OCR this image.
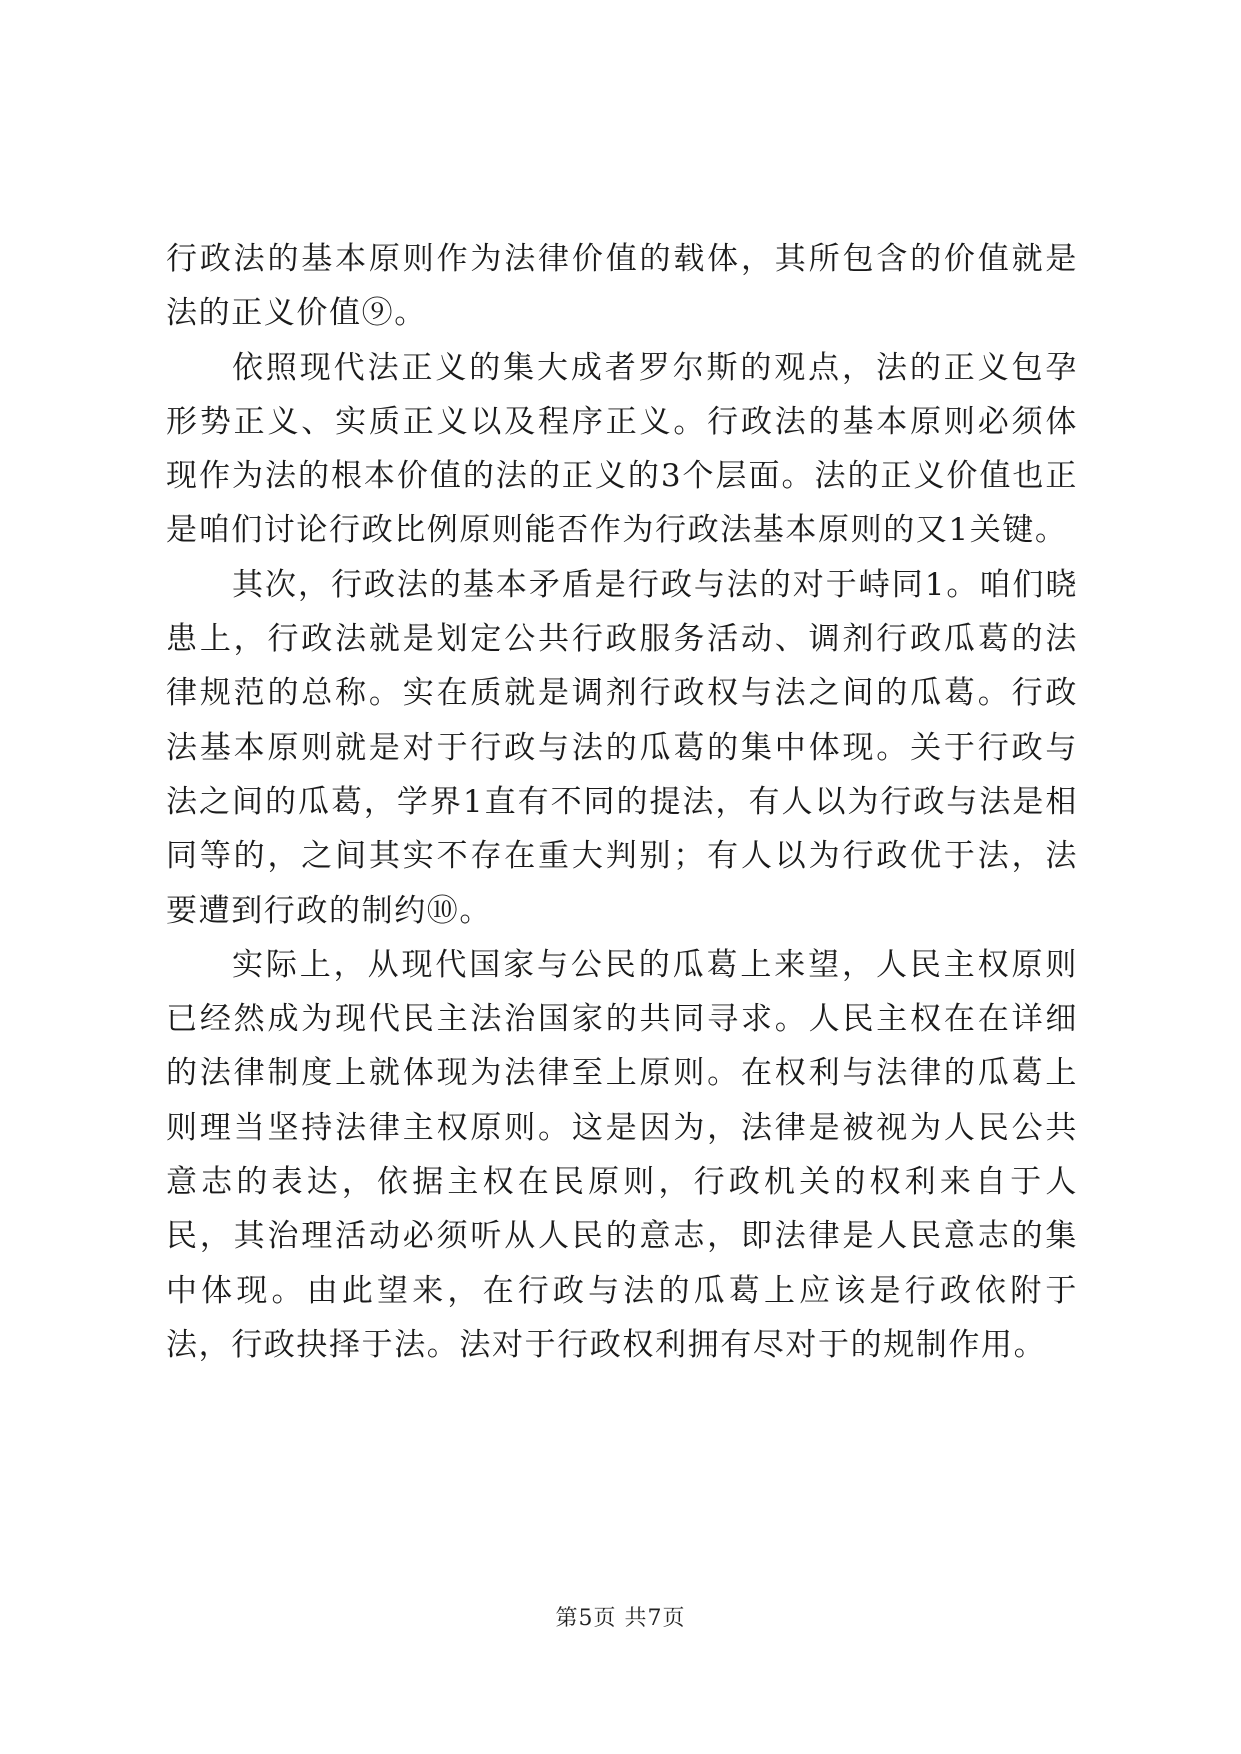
行政法的基本原则作为法律价值的载体，其所包含的价值就是法的正义价值⑨。

依照现代法正义的集大成者罗尔斯的观点，法的正义包孕形势正义、实质正义以及程序正义。行政法的基本原则必须体现作为法的根本价值的法的正义的3个层面。法的正义价值也正是咱们讨论行政比例原则能否作为行政法基本原则的又1关键。

其次，行政法的基本矛盾是行政与法的对于峙同1。咱们晓患上，行政法就是划定公共行政服务活动、调剂行政瓜葛的法律规范的总称。实在质就是调剂行政权与法之间的瓜葛。行政法基本原则就是对于行政与法的瓜葛的集中体现。关于行政与法之间的瓜葛，学界1直有不同的提法，有人以为行政与法是相同等的，之间其实不存在重大判别；有人以为行政优于法，法要遭到行政的制约⑩。

实际上，从现代国家与公民的瓜葛上来望，人民主权原则已经然成为现代民主法治国家的共同寻求。人民主权在在详细的法律制度上就体现为法律至上原则。在权利与法律的瓜葛上则理当坚持法律主权原则。这是因为，法律是被视为人民公共意志的表达，依据主权在民原则，行政机关的权利来自于人民，其治理活动必须听从人民的意志，即法律是人民意志的集中体现。由此望来，在行政与法的瓜葛上应该是行政依附于法，行政抉择于法。法对于行政权利拥有尽对于的规制作用。

第5页 共7页
